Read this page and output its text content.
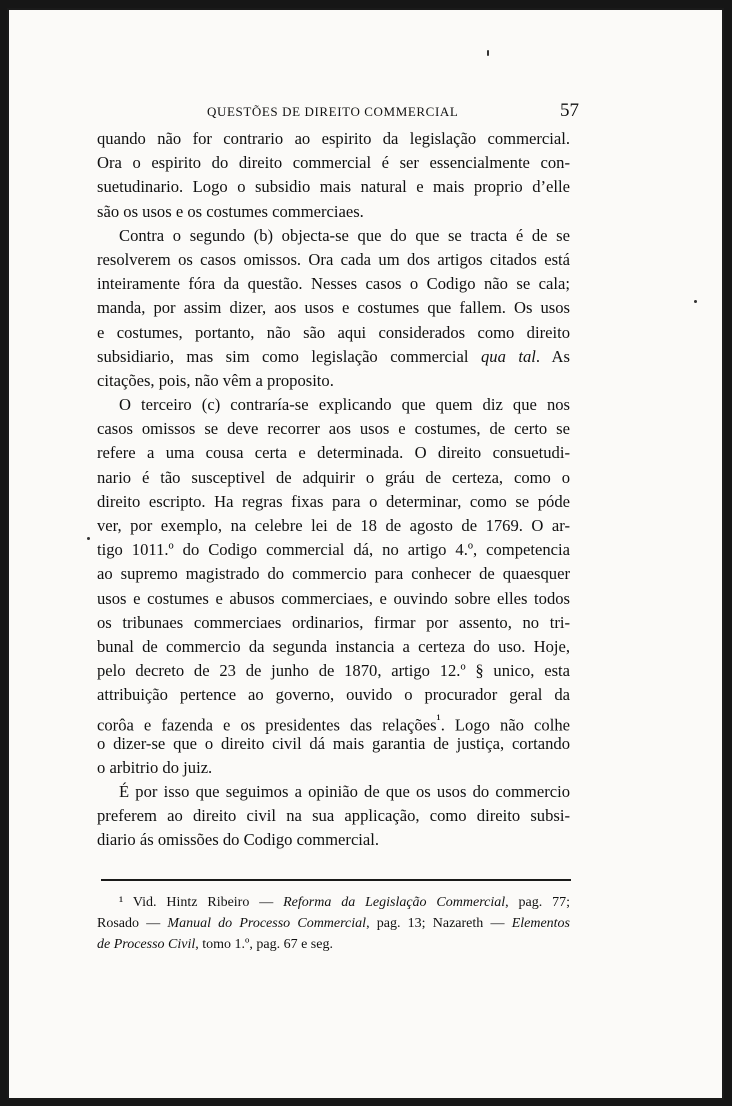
QUESTÕES DE DIREITO COMMERCIAL	57
quando não for contrario ao espirito da legislação commercial.
Ora o espirito do direito commercial é ser essencialmente con-
suetudinario. Logo o subsidio mais natural e mais proprio d’elle
são os usos e os costumes commerciaes.
Contra o segundo (b) objecta-se que do que se tracta é de se
resolverem os casos omissos. Ora cada um dos artigos citados está
inteiramente fóra da questão. Nesses casos o Codigo não se cala;
manda, por assim dizer, aos usos e costumes que fallem. Os usos
e costumes, portanto, não são aqui considerados como direito
subsidiario, mas sim como legislação commercial qua tal. As
citações, pois, não vêm a proposito.
O terceiro (c) contraría-se explicando que quem diz que nos
casos omissos se deve recorrer aos usos e costumes, de certo se
refere a uma cousa certa e determinada. O direito consuetudi-
nario é tão susceptivel de adquirir o gráu de certeza, como o
direito escripto. Ha regras fixas para o determinar, como se póde
ver, por exemplo, na celebre lei de 18 de agosto de 1769. O ar-
tigo 1011.º do Codigo commercial dá, no artigo 4.º, competencia
ao supremo magistrado do commercio para conhecer de quaesquer
usos e costumes e abusos commerciaes, e ouvindo sobre elles todos
os tribunaes commerciaes ordinarios, firmar por assento, no tri-
bunal de commercio da segunda instancia a certeza do uso. Hoje,
pelo decreto de 23 de junho de 1870, artigo 12.º § unico, esta
attribuição pertence ao governo, ouvido o procurador geral da
corôa e fazenda e os presidentes das relações$^{^1}$. Logo não colhe
o dizer-se que o direito civil dá mais garantia de justiça, cortando
o arbitrio do juiz.
É por isso que seguimos a opinião de que os usos do commercio
preferem ao direito civil na sua applicação, como direito subsi-
diario ás omissões do Codigo commercial.
¹ Vid. Hintz Ribeiro — Reforma da Legislação Commercial, pag. 77;
Rosado — Manual do Processo Commercial, pag. 13; Nazareth — Elementos
de Processo Civil, tomo 1.º, pag. 67 e seg.
